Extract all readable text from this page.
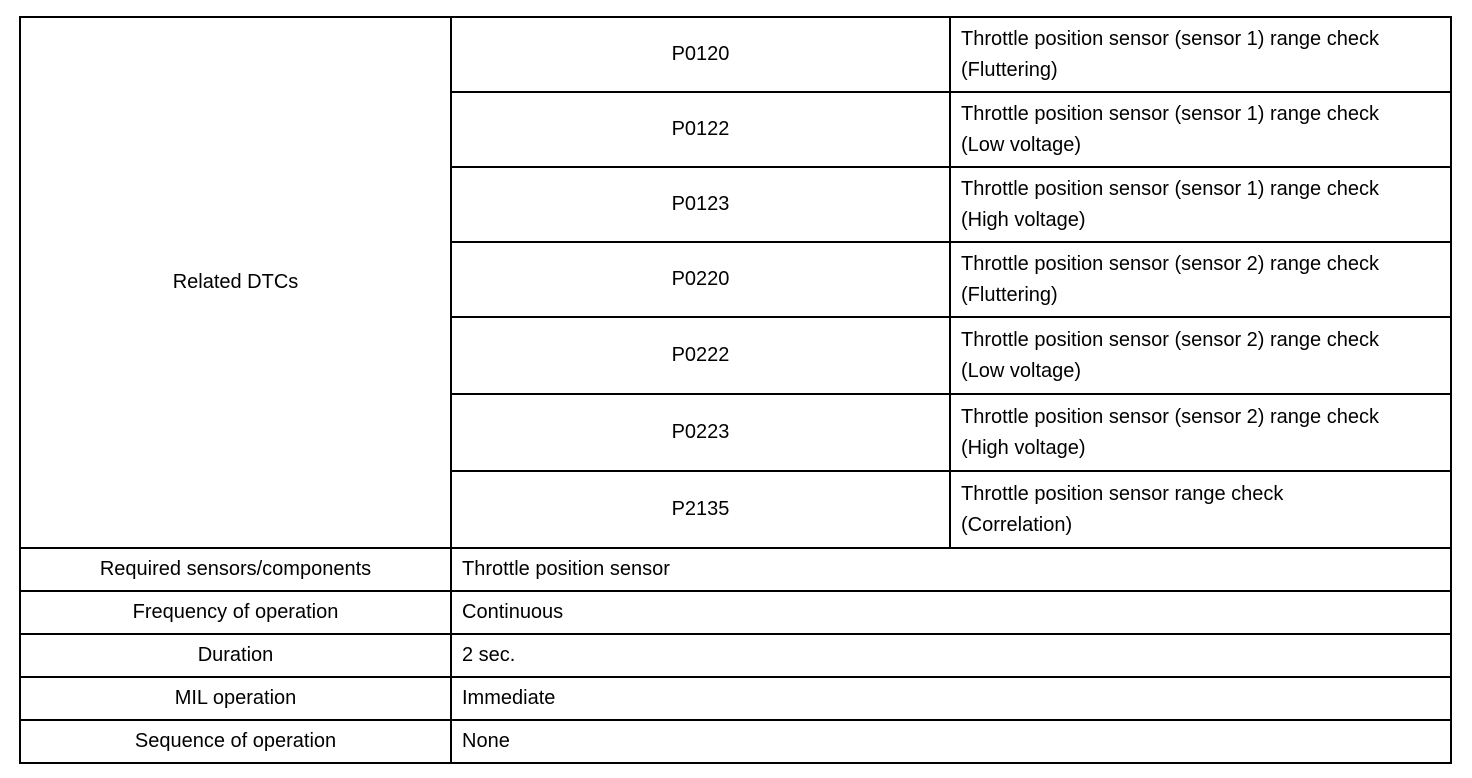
Related DTCs	P0120	Throttle position sensor (sensor 1) range check
(Fluttering)

	P0122	Throttle position sensor (sensor 1) range check
(Low voltage)

	P0123	Throttle position sensor (sensor 1) range check
(High voltage)

	P0220	Throttle position sensor (sensor 2) range check
(Fluttering)

	P0222	Throttle position sensor (sensor 2) range check
(Low voltage)

	P0223	Throttle position sensor (sensor 2) range check
(High voltage)

	P2135	Throttle position sensor range check
(Correlation)

Required sensors/components	Throttle position sensor	
Frequency of operation	Continuous	
Duration	2 sec.	
MIL operation	Immediate	
Sequence of operation	None	
